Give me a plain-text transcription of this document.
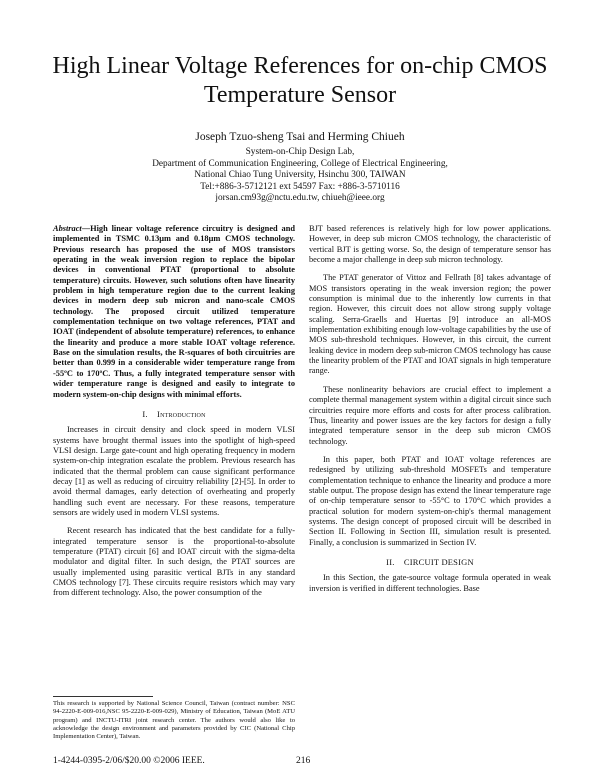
High Linear Voltage References for on-chip CMOS
Temperature Sensor
Joseph Tzuo-sheng Tsai and Herming Chiueh
System-on-Chip Design Lab,
Department of Communication Engineering, College of Electrical Engineering,
National Chiao Tung University, Hsinchu 300, TAIWAN
Tel:+886-3-5712121 ext 54597 Fax: +886-3-5710116
jorsan.cm93g@nctu.edu.tw, chiueh@ieee.org

Abstract—High linear voltage reference circuitry is designed and implemented in TSMC 0.13μm and 0.18μm CMOS technology. Previous research has proposed the use of MOS transistors operating in the weak inversion region to replace the bipolar devices in conventional PTAT (proportional to absolute temperature) circuits. However, such solutions often have linearity problem in high temperature region due to the current leaking devices in modern deep sub micron and nano-scale CMOS technology. The proposed circuit utilized temperature complementation technique on two voltage references, PTAT and IOAT (independent of absolute temperature) references, to enhance the linearity and produce a more stable IOAT voltage reference. Base on the simulation results, the R-squares of both circuitries are better than 0.999 in a considerable wider temperature range from -55ºC to 170ºC. Thus, a fully integrated temperature sensor with wider temperature range is designed and easily to integrate to modern system-on-chip designs with minimal efforts.

I. Introduction

Increases in circuit density and clock speed in modern VLSI systems have brought thermal issues into the spotlight of high-speed VLSI design. Large gate-count and high operating frequency in modern system-on-chip integration escalate the problem. Previous research has indicated that the thermal problem can cause significant performance decay [1] as well as reducing of circuitry reliability [2]-[5]. In order to avoid thermal damages, early detection of overheating and properly handling such event are necessary. For these reasons, temperature sensors are widely used in modern VLSI systems.

Recent research has indicated that the best candidate for a fully-integrated temperature sensor is the proportional-to-absolute temperature (PTAT) circuit [6] and IOAT circuit with the sigma-delta modulator and digital filter. In such design, the PTAT sources are usually implemented using parasitic vertical BJTs in any standard CMOS technology [7]. These circuits require resistors which may vary from different technology. Also, the power consumption of the

BJT based references is relatively high for low power applications. However, in deep sub micron CMOS technology, the characteristic of vertical BJT is getting worse. So, the design of temperature sensor has become a major challenge in deep sub micron technology.

The PTAT generator of Vittoz and Fellrath [8] takes advantage of MOS transistors operating in the weak inversion region; the power consumption is minimal due to the inherently low currents in that region. However, this circuit does not allow strong supply voltage scaling. Serra-Graells and Huertas [9] introduce an all-MOS implementation exhibiting enough low-voltage capabilities by the use of MOS sub-threshold techniques. However, in this circuit, the current leaking device in modern deep sub-micron CMOS technology has cause the linearity problem of the PTAT and IOAT signals in high temperature range.

These nonlinearity behaviors are crucial effect to implement a complete thermal management system within a digital circuit since such circuitries require more efforts and costs for after process calibration. Thus, linearity and power issues are the key factors for design a fully integrated temperature sensor in the deep sub micron CMOS technology.

In this paper, both PTAT and IOAT voltage references are redesigned by utilizing sub-threshold MOSFETs and temperature complementation technique to enhance the linearity and produce a more stable output. The propose design has extend the linear temperature rage of on-chip temperature sensor to -55°C to 170°C which provides a practical solution for modern system-on-chip's thermal management systems. The design concept of proposed circuit will be described in Section II. Following in Section III, simulation result is presented. Finally, a conclusion is summarized in Section IV.

II. CIRCUIT DESIGN

In this Section, the gate-source voltage formula operated in weak inversion is verified in different technologies. Base

This research is supported by National Science Council, Taiwan (contract number: NSC 94-2220-E-009-016,NSC 95-2220-E-009-029), Ministry of Education, Taiwan (MoE ATU program) and INCTU-ITRI joint research center. The authors would also like to acknowledge the design environment and parameters provided by CIC (National Chip Implementation Center), Taiwan.
1-4244-0395-2/06/$20.00 ©2006 IEEE.	216
